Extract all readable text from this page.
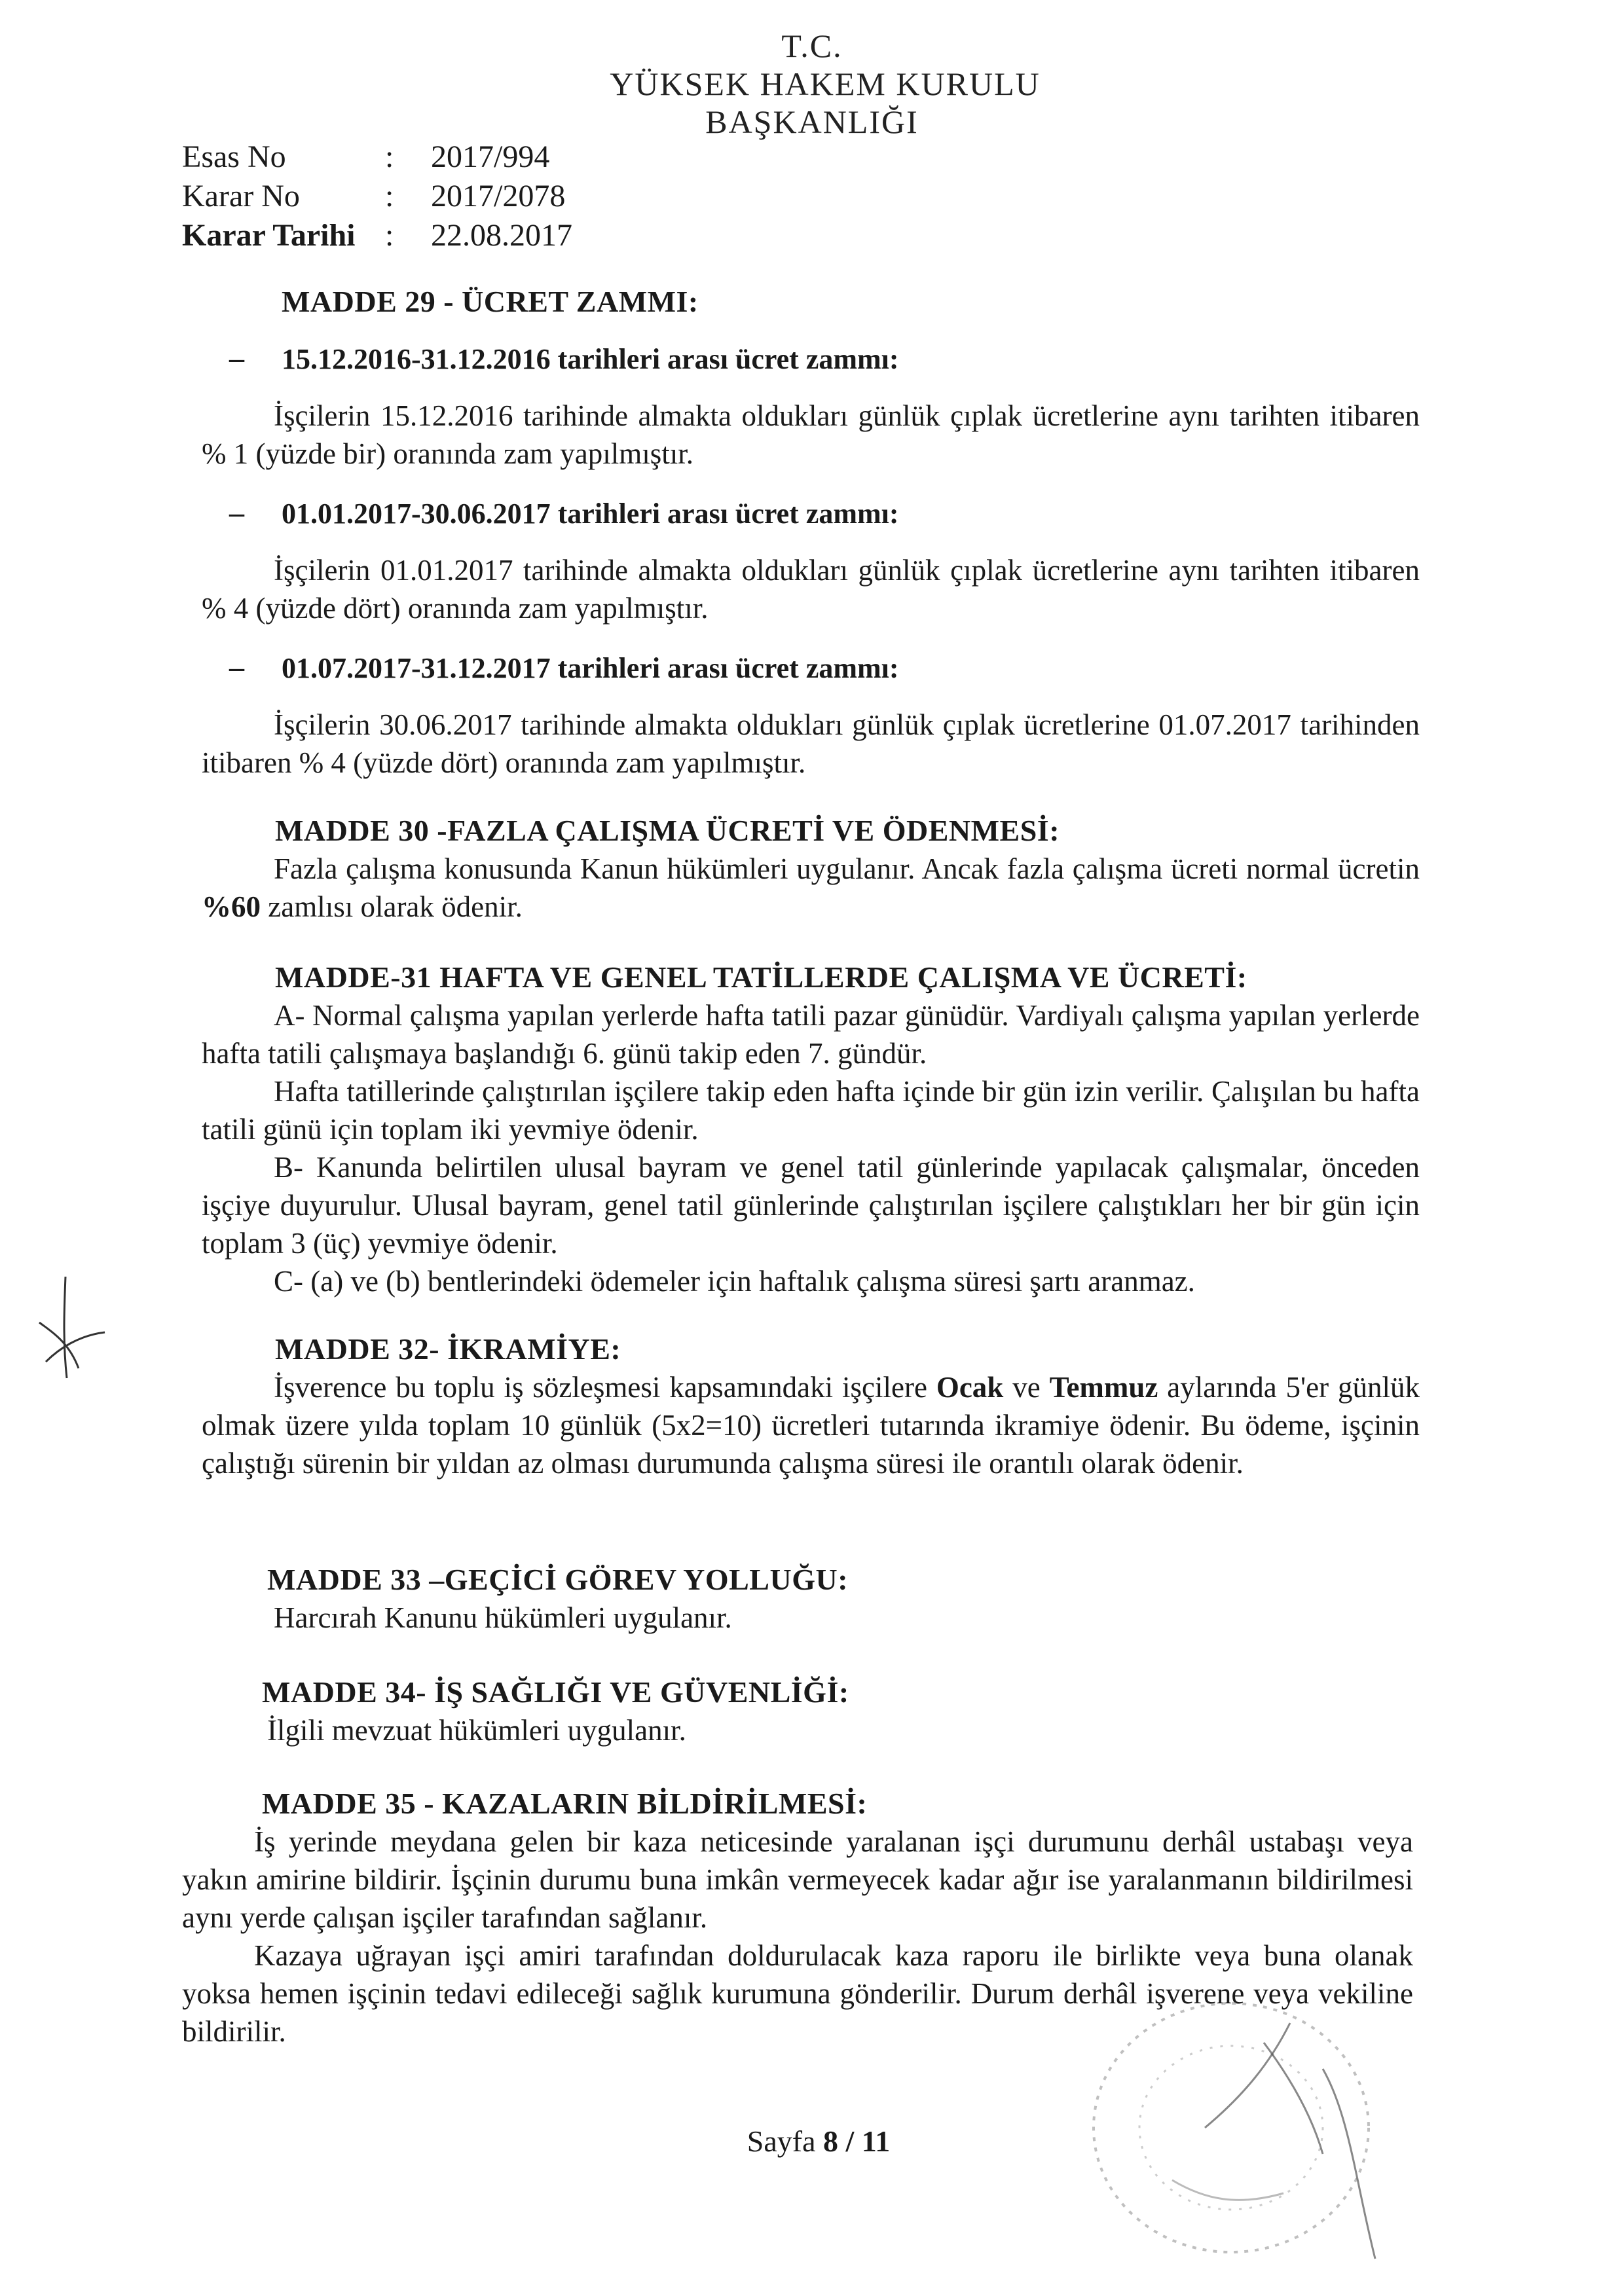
T.C.
YÜKSEK HAKEM KURULU
BAŞKANLIĞI
Esas No	:	2017/994
Karar No	:	2017/2078
Karar Tarihi :	22.08.2017
MADDE 29 - ÜCRET ZAMMI:
– 15.12.2016-31.12.2016 tarihleri arası ücret zammı:

İşçilerin 15.12.2016 tarihinde almakta oldukları günlük çıplak ücretlerine aynı tarihten itibaren % 1 (yüzde bir) oranında zam yapılmıştır.

– 01.01.2017-30.06.2017 tarihleri arası ücret zammı:

İşçilerin 01.01.2017 tarihinde almakta oldukları günlük çıplak ücretlerine aynı tarihten itibaren % 4 (yüzde dört) oranında zam yapılmıştır.

– 01.07.2017-31.12.2017 tarihleri arası ücret zammı:

İşçilerin 30.06.2017 tarihinde almakta oldukları günlük çıplak ücretlerine 01.07.2017 tarihinden itibaren % 4 (yüzde dört) oranında zam yapılmıştır.

MADDE 30 -FAZLA ÇALIŞMA ÜCRETİ VE ÖDENMESİ:

Fazla çalışma konusunda Kanun hükümleri uygulanır. Ancak fazla çalışma ücreti normal ücretin %60 zamlısı olarak ödenir.

MADDE-31 HAFTA VE GENEL TATİLLERDE ÇALIŞMA VE ÜCRETİ:

A- Normal çalışma yapılan yerlerde hafta tatili pazar günüdür. Vardiyalı çalışma yapılan yerlerde hafta tatili çalışmaya başlandığı 6. günü takip eden 7. gündür.

Hafta tatillerinde çalıştırılan işçilere takip eden hafta içinde bir gün izin verilir. Çalışılan bu hafta tatili günü için toplam iki yevmiye ödenir.

B- Kanunda belirtilen ulusal bayram ve genel tatil günlerinde yapılacak çalışmalar, önceden işçiye duyurulur. Ulusal bayram, genel tatil günlerinde çalıştırılan işçilere çalıştıkları her bir gün için toplam 3 (üç) yevmiye ödenir.

C- (a) ve (b) bentlerindeki ödemeler için haftalık çalışma süresi şartı aranmaz.

MADDE 32- İKRAMİYE:

İşverence bu toplu iş sözleşmesi kapsamındaki işçilere Ocak ve Temmuz aylarında 5'er günlük olmak üzere yılda toplam 10 günlük (5x2=10) ücretleri tutarında ikramiye ödenir. Bu ödeme, işçinin çalıştığı sürenin bir yıldan az olması durumunda çalışma süresi ile orantılı olarak ödenir.

MADDE 33 –GEÇİCİ GÖREV YOLLUĞU:
Harcırah Kanunu hükümleri uygulanır.
MADDE 34- İŞ SAĞLIĞI VE GÜVENLİĞİ:
İlgili mevzuat hükümleri uygulanır.
MADDE 35 - KAZALARIN BİLDİRİLMESİ:

İş yerinde meydana gelen bir kaza neticesinde yaralanan işçi durumunu derhâl ustabaşı veya yakın amirine bildirir. İşçinin durumu buna imkân vermeyecek kadar ağır ise yaralanmanın bildirilmesi aynı yerde çalışan işçiler tarafından sağlanır.

Kazaya uğrayan işçi amiri tarafından doldurulacak kaza raporu ile birlikte veya buna olanak yoksa hemen işçinin tedavi edileceği sağlık kurumuna gönderilir. Durum derhâl işverene veya vekiline bildirilir.

Sayfa 8 / 11
